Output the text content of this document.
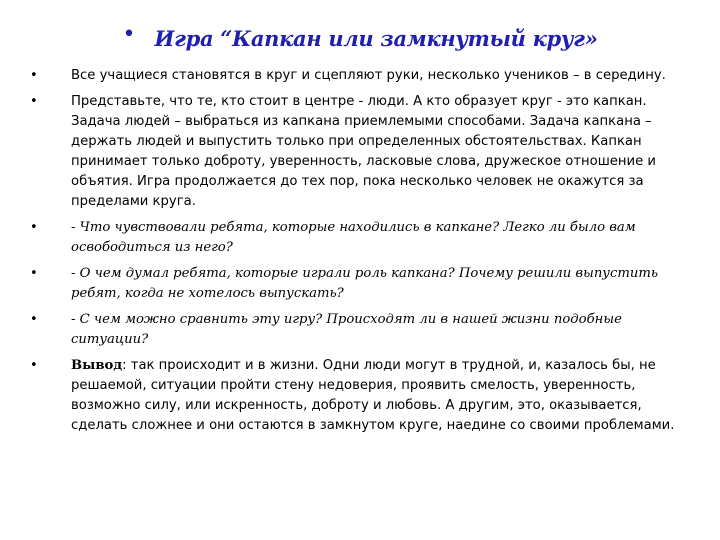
• Игра “Капкан или замкнутый круг»
•	Все учащиеся становятся в круг и сцепляют руки, несколько учеников – в середину.
•	Представьте, что те, кто стоит в центре - люди. А кто образует круг - это капкан. Задача людей – выбраться из капкана приемлемыми способами. Задача капкана – держать людей и выпустить только при определенных обстоятельствах. Капкан принимает только доброту, уверенность, ласковые слова, дружеское отношение и объятия. Игра продолжается до тех пор, пока несколько человек не окажутся за пределами круга.
•	- Что чувствовали ребята, которые находились в капкане? Легко ли было вам освободиться из него?
•	- О чем думал ребята, которые играли роль капкана? Почему решили выпустить ребят, когда не хотелось выпускать?
•	- С чем можно сравнить эту игру? Происходят ли в нашей жизни подобные ситуации?
•	Вывод: так происходит и в жизни. Одни люди могут в трудной, и, казалось бы, не решаемой, ситуации пройти стену недоверия, проявить смелость, уверенность, возможно силу, или искренность, доброту и любовь. А другим, это, оказывается, сделать сложнее и они остаются в замкнутом круге, наедине со своими проблемами.
